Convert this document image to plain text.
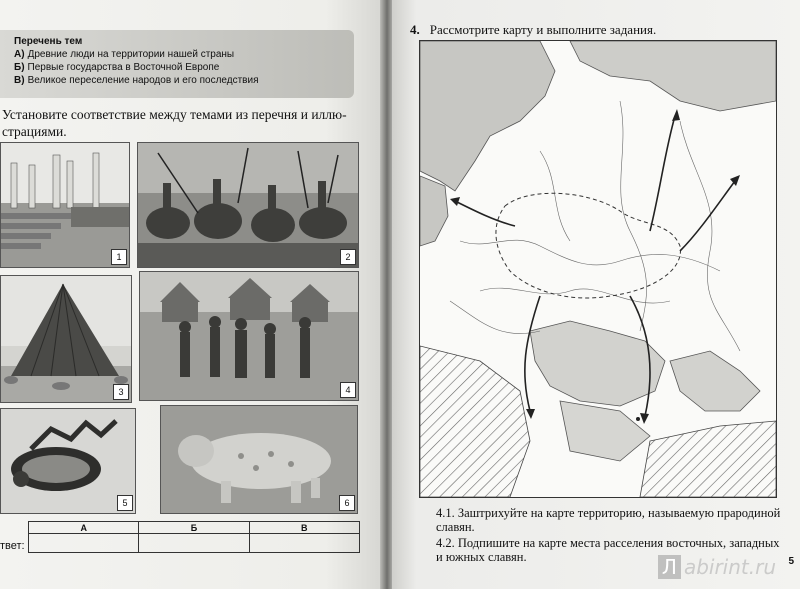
Перечень тем
А) Древние люди на территории нашей страны
Б) Первые государства в Восточной Европе
В) Великое переселение народов и его последствия
Установите соответствие между темами из перечня и иллю-
страциями.
1	2
3	4
5	6
твет:
А	Б	В

4. Рассмотрите карту и выполните задания.
4.1. Заштрихуйте на карте территорию, называемую прародиной славян.
4.2. Подпишите на карте места расселения восточных, западных и южных славян.	5
Л abirint.ru
